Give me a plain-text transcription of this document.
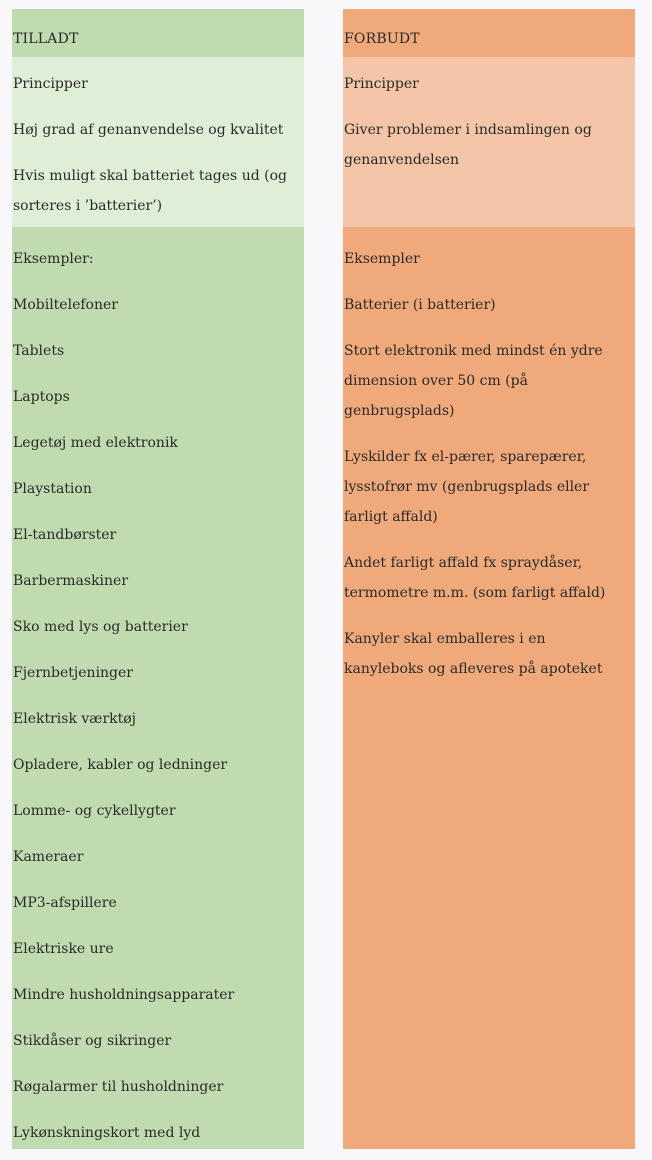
TILLADT
Principper
Høj grad af genanvendelse og kvalitet
Hvis muligt skal batteriet tages ud (og sorteres i ’batterier’)
Eksempler:
Mobiltelefoner
Tablets
Laptops
Legetøj med elektronik
Playstation
El-tandbørster
Barbermaskiner
Sko med lys og batterier
Fjernbetjeninger
Elektrisk værktøj
Opladere, kabler og ledninger
Lomme- og cykellygter
Kameraer
MP3-afspillere
Elektriske ure
Mindre husholdningsapparater
Stikdåser og sikringer
Røgalarmer til husholdninger
Lykønskningskort med lyd
FORBUDT
Principper
Giver problemer i indsamlingen og genanvendelsen
Eksempler
Batterier (i batterier)
Stort elektronik med mindst én ydre dimension over 50 cm (på genbrugsplads)
Lyskilder fx el-pærer, sparepærer, lysstofrør mv (genbrugsplads eller farligt affald)
Andet farligt affald fx spraydåser, termometre m.m. (som farligt affald)
Kanyler skal emballeres i en kanyleboks og afleveres på apoteket
